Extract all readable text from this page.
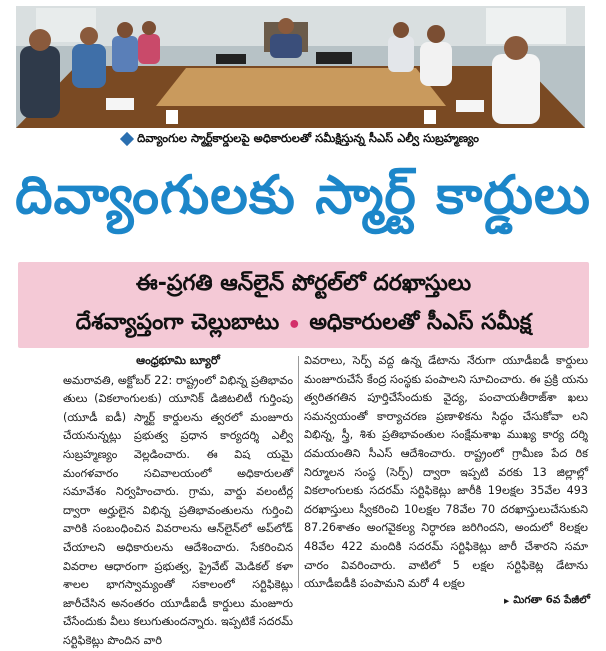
దివ్యాంగుల స్మార్ట్‌కార్డులపై అధికారులతో సమీక్షిస్తున్న సీఎస్ ఎల్వీ సుబ్రహ్మణ్యం
దివ్యాంగులకు స్మార్ట్ కార్డులు
ఈ-ప్రగతి ఆన్‌లైన్ పోర్టల్‌లో దరఖాస్తులు
దేశవ్యాప్తంగా చెల్లుబాటు • అధికారులతో సీఎస్ సమీక్ష
ఆంధ్రభూమి బ్యూరో

అమరావతి, అక్టోబర్ 22: రాష్ట్రంలో విభిన్న ప్రతిభావం తులు (వికలాంగులకు) యూనిక్ డిజిటలిటీ గుర్తింపు (యూడీ ఐడీ) స్మార్ట్ కార్డులను త్వరలో మంజూరు చేయనున్నట్లు ప్రభుత్వ ప్రధాన కార్యదర్శి ఎల్వీ సుబ్రహ్మణ్యం వెల్లడించారు. ఈ విష యమై మంగళవారం సచివాలయంలో అధికారులతో సమావేశం నిర్వహించారు. గ్రామ, వార్డు వలంటీర్ల ద్వారా అర్హులైన విభిన్న ప్రతిభావంతులను గుర్తించి వారికి సంబంధించిన వివరాలను ఆన్‌లైన్‌లో అప్‌లోడ్ చేయాలని అధికారులను ఆదేశించారు. సేకరించిన వివరాల ఆధారంగా ప్రభుత్వ, ప్రైవేట్ మెడికల్ కళా శాలల భాగస్వామ్యంతో సకాలంలో సర్టిఫికెట్లు జారీచేసిన అనంతరం యూడీఐడీ కార్డులు మంజూరు చేసేందుకు వీలు కలుగుతుందన్నారు. ఇప్పటికే సదరమ్ సర్టిఫికెట్లు పొందిన వారి

వివరాలు, సెర్ప్ వద్ద ఉన్న డేటాను నేరుగా యూడీఐడీ కార్డులు మంజూరుచేసే కేంద్ర సంస్థకు పంపాలని సూచించారు. ఈ ప్రక్రి యను త్వరితగతిన పూర్తిచేసేందుకు వైద్య, పంచాయతీరాజ్‌శా ఖలు సమన్వయంతో కార్యాచరణ ప్రణాళికను సిద్ధం చేసుకోవా లని విభిన్న, స్త్రీ, శిశు ప్రతిభావంతుల సంక్షేమశాఖ ముఖ్య కార్య దర్శి దమయంతిని సీఎస్ ఆదేశించారు. రాష్ట్రంలో గ్రామీణ పేద రిక నిర్మూలన సంస్థ (సెర్ప్) ద్వారా ఇప్పటి వరకు 13 జిల్లాల్లో వికలాంగులకు సదరమ్ సర్టిఫికెట్లు జారీకి 19లక్షల 35వేల 493 దరఖాస్తులు స్వీకరించి 10లక్షల 78వేల 70 దరఖాస్తులుచేసుకుని 87.26శాతం అంగవైకల్య నిర్ధారణ జరిగిందని, అందులో 8లక్షల 48వేల 422 మందికి సదరమ్ సర్టిఫికెట్లు జారీ చేశారని సమా చారం వివరించారు. వాటిలో 5 లక్షల సర్టిఫికెట్ల డేటాను యూడీఐడీకి పంపామని మరో 4 లక్షల

▸ మిగతా 6వ పేజీలో
